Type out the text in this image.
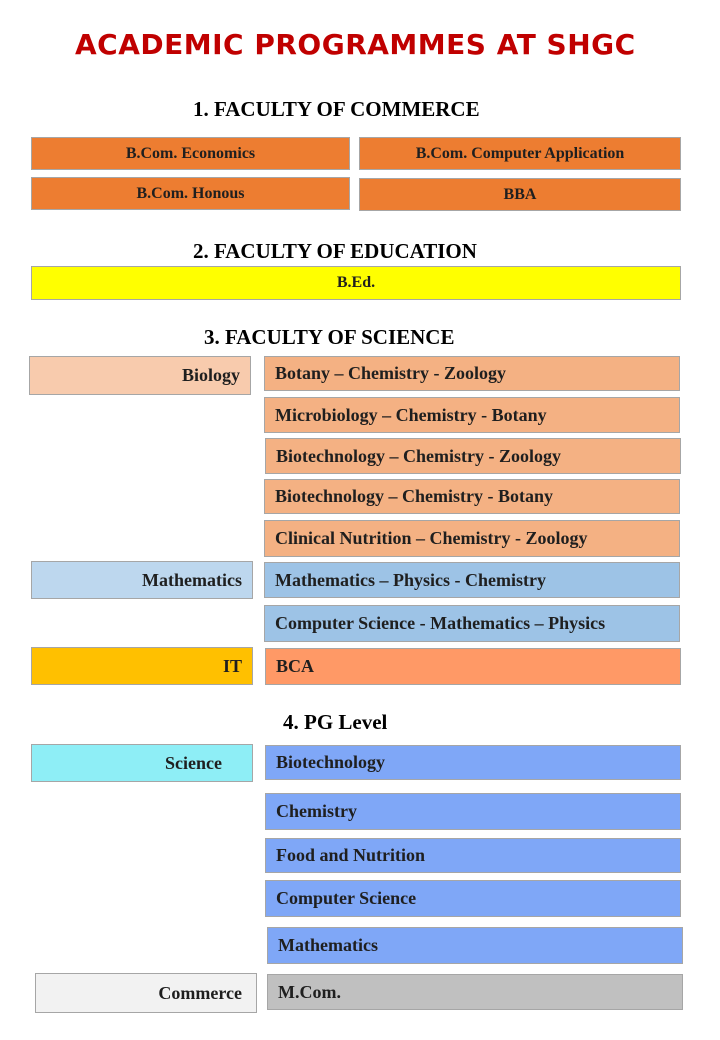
ACADEMIC PROGRAMMES AT SHGC
1. FACULTY OF COMMERCE
B.Com. Economics	B.Com. Computer Application
B.Com. Honous	BBA
2. FACULTY OF EDUCATION
B.Ed.
3. FACULTY OF SCIENCE
Biology	Botany – Chemistry - Zoology
Microbiology – Chemistry - Botany
Biotechnology – Chemistry - Zoology
Biotechnology – Chemistry - Botany
Clinical Nutrition – Chemistry - Zoology
Mathematics	Mathematics – Physics - Chemistry
Computer Science - Mathematics – Physics
IT	BCA
4. PG Level
Science	Biotechnology
Chemistry
Food and Nutrition
Computer Science
Mathematics
Commerce	M.Com.
